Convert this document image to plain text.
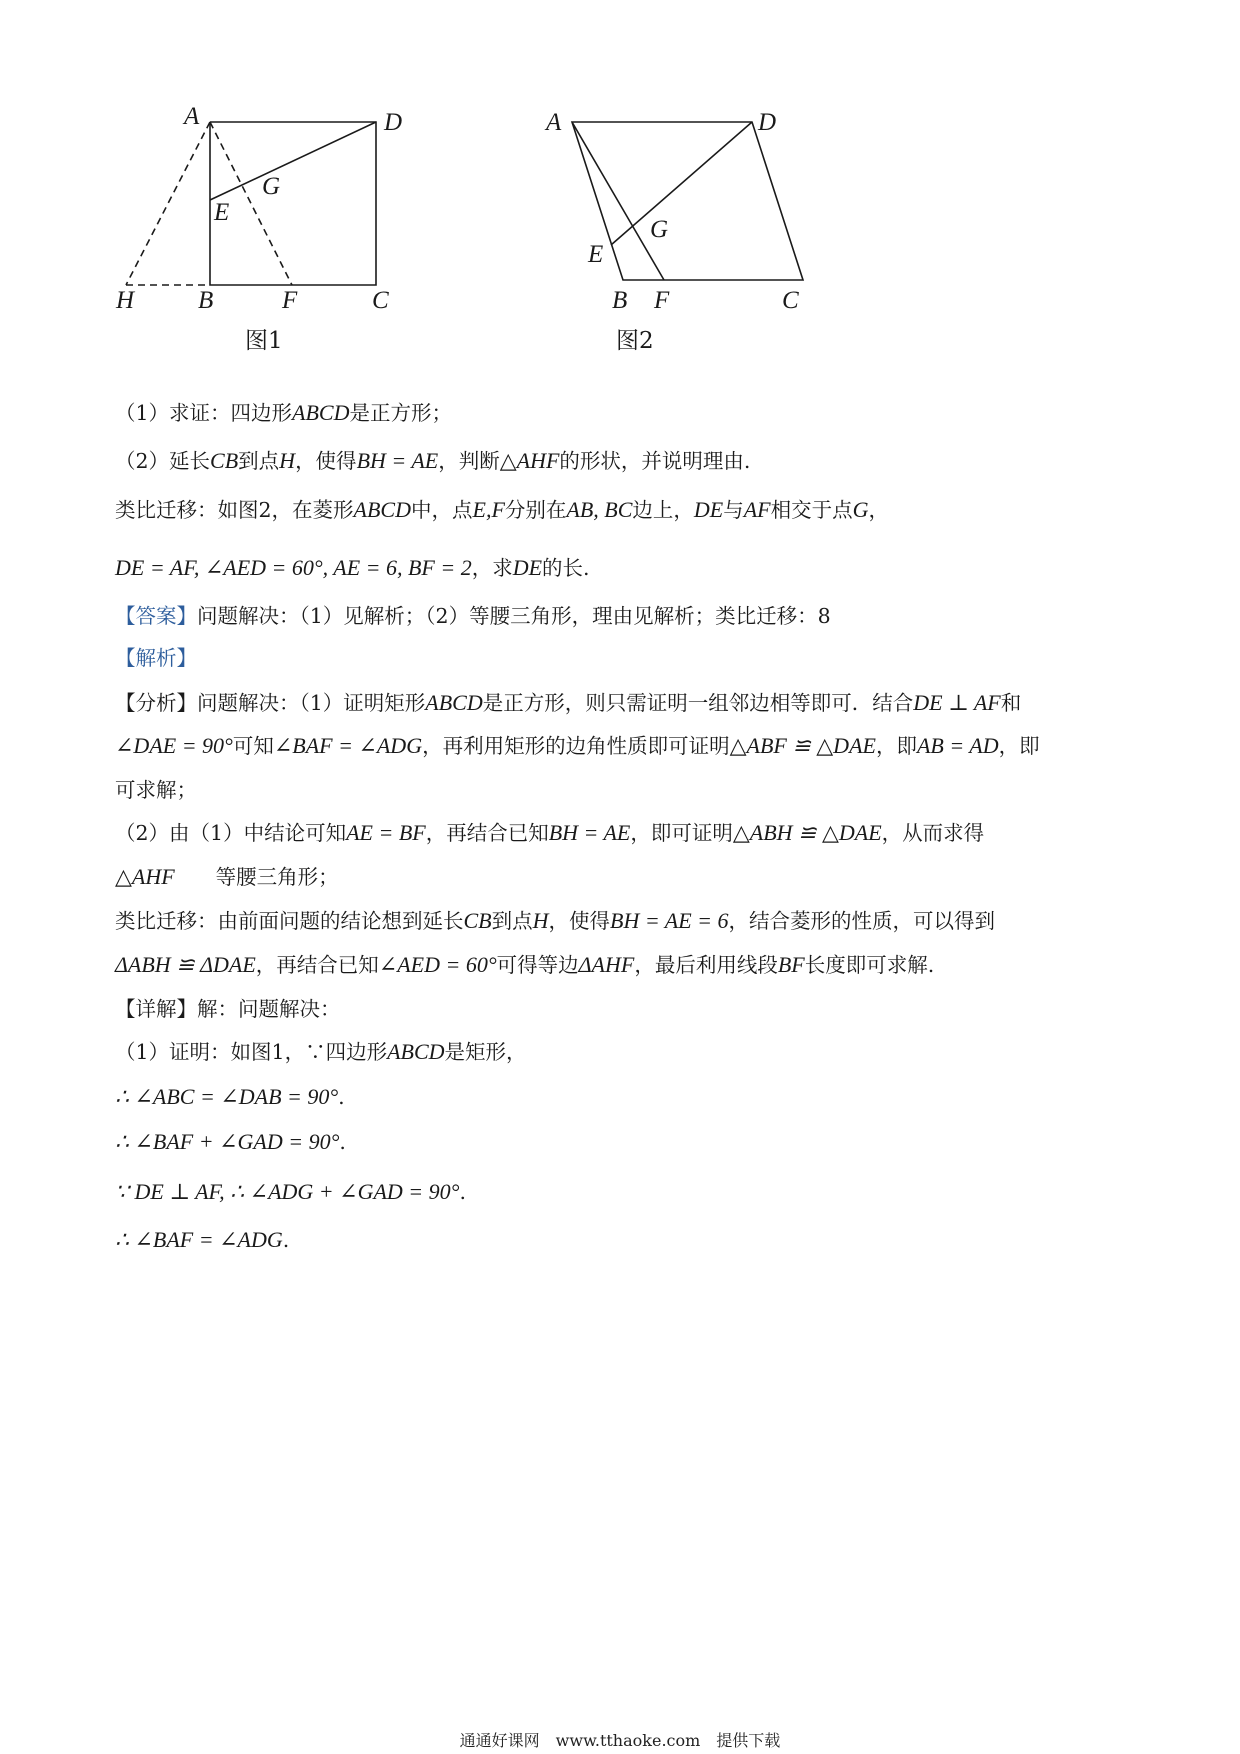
A	D
G
E
H	B	F	C
图1
A	D
G
E
B F	C
图2
（1）求证：四边形ABCD是正方形；
（2）延长CB到点H，使得BH = AE，判断△AHF的形状，并说明理由.
类比迁移：如图2，在菱形ABCD中，点E,F分别在AB, BC边上，DE与AF相交于点G，
DE = AF, ∠AED = 60°, AE = 6, BF = 2，求DE的长.
【答案】问题解决：（1）见解析；（2）等腰三角形，理由见解析；类比迁移：8
【解析】
【分析】问题解决：（1）证明矩形ABCD是正方形，则只需证明一组邻边相等即可．结合DE ⊥ AF和
∠DAE = 90°可知∠BAF = ∠ADG，再利用矩形的边角性质即可证明△ABF ≌ △DAE，即AB = AD，即
可求解；
（2）由（1）中结论可知AE = BF，再结合已知BH = AE，即可证明△ABH ≌ △DAE，从而求得
△AHF　　等腰三角形；
类比迁移：由前面问题的结论想到延长CB到点H，使得BH = AE = 6，结合菱形的性质，可以得到
ΔABH ≌ ΔDAE，再结合已知∠AED = 60°可得等边ΔAHF，最后利用线段BF长度即可求解.
【详解】解：问题解决：
（1）证明：如图1，∵四边形ABCD是矩形，
∴ ∠ABC = ∠DAB = 90°.
∴ ∠BAF + ∠GAD = 90°.
∵ DE ⊥ AF, ∴ ∠ADG + ∠GAD = 90°.
∴ ∠BAF = ∠ADG.
通通好课网　www.tthaoke.com　提供下载
